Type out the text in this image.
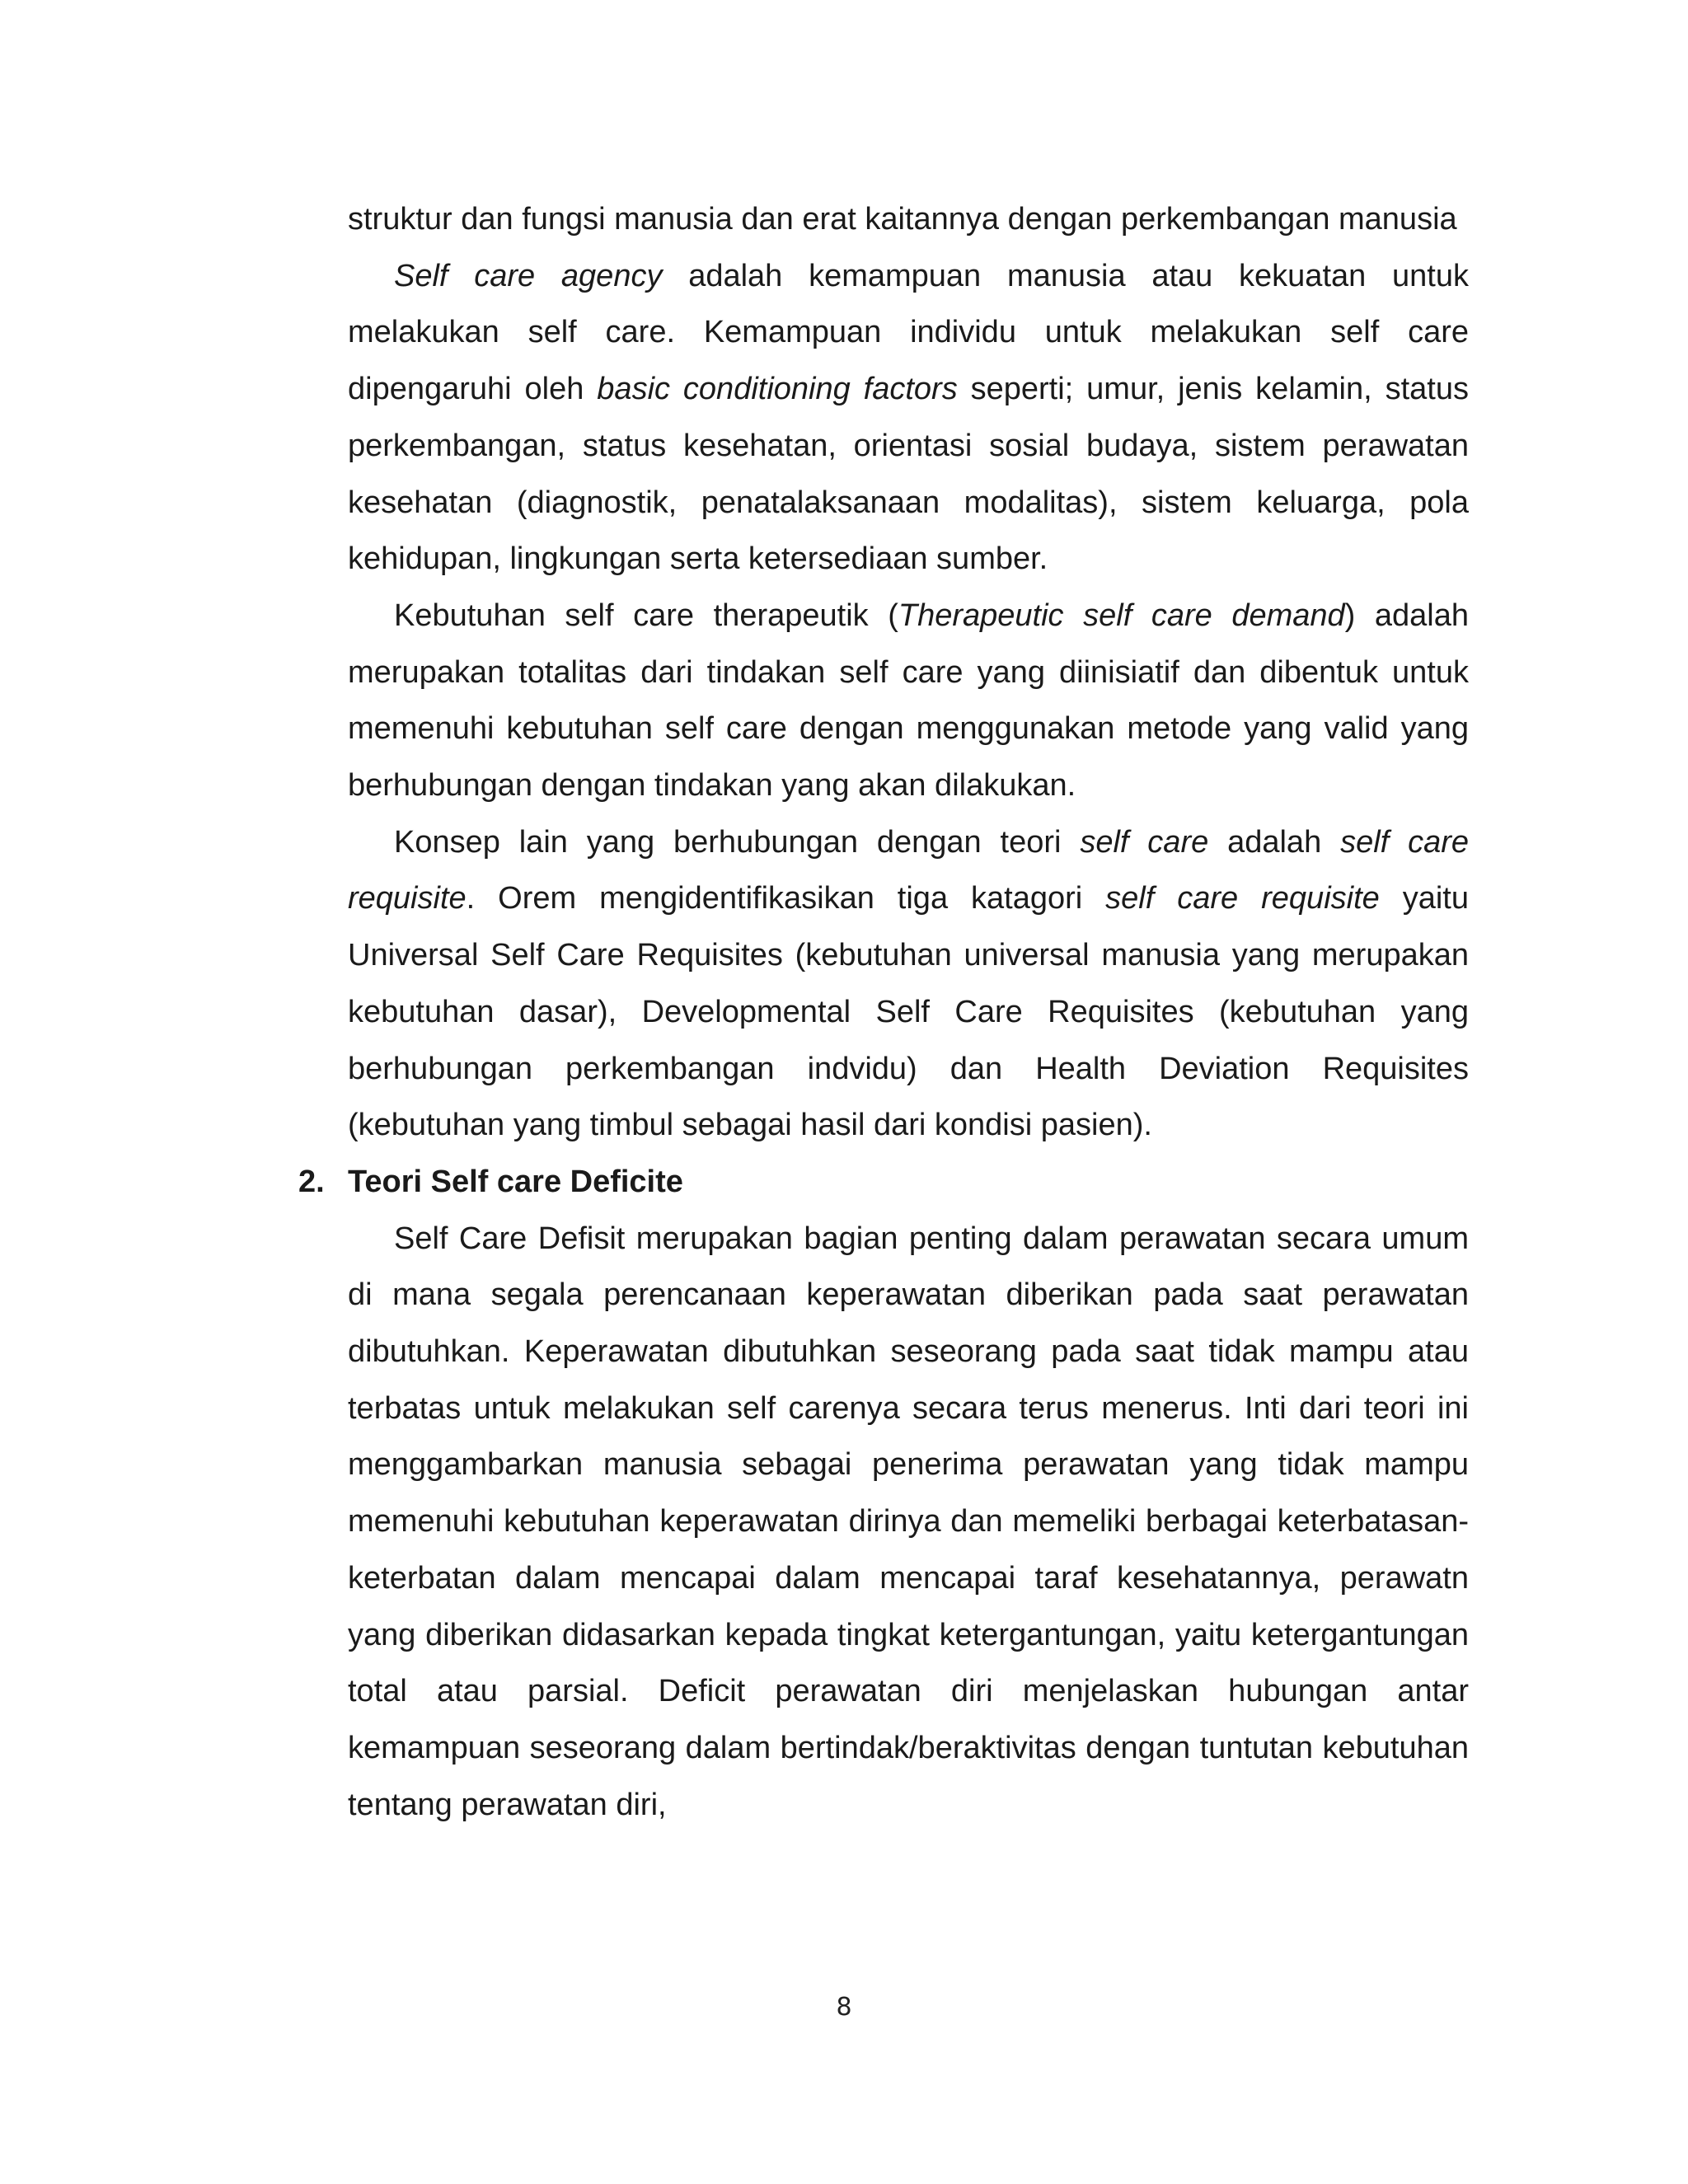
struktur dan fungsi manusia dan erat kaitannya dengan perkembangan manusia

Self care agency adalah kemampuan manusia atau kekuatan untuk melakukan self care. Kemampuan individu untuk melakukan self care dipengaruhi oleh basic conditioning factors seperti; umur, jenis kelamin, status perkembangan, status kesehatan, orientasi sosial budaya, sistem perawatan kesehatan (diagnostik, penatalaksanaan modalitas), sistem keluarga, pola kehidupan, lingkungan serta ketersediaan sumber.

Kebutuhan self care therapeutik (Therapeutic self care demand) adalah merupakan totalitas dari tindakan self care yang diinisiatif dan dibentuk untuk memenuhi kebutuhan self care dengan menggunakan metode yang valid yang berhubungan dengan tindakan yang akan dilakukan.

Konsep lain yang berhubungan dengan teori self care adalah self care requisite. Orem mengidentifikasikan tiga katagori self care requisite yaitu Universal Self Care Requisites (kebutuhan universal manusia yang merupakan kebutuhan dasar), Developmental Self Care Requisites (kebutuhan yang berhubungan perkembangan indvidu) dan Health Deviation Requisites (kebutuhan yang timbul sebagai hasil dari kondisi pasien).

2. Teori Self care Deficite

Self Care Defisit merupakan bagian penting dalam perawatan secara umum di mana segala perencanaan keperawatan diberikan pada saat perawatan dibutuhkan. Keperawatan dibutuhkan seseorang pada saat tidak mampu atau terbatas untuk melakukan self carenya secara terus menerus. Inti dari teori ini menggambarkan manusia sebagai penerima perawatan yang tidak mampu memenuhi kebutuhan keperawatan dirinya dan memeliki berbagai keterbatasan-keterbatan dalam mencapai dalam mencapai taraf kesehatannya, perawatn yang diberikan didasarkan kepada tingkat ketergantungan, yaitu ketergantungan total atau parsial. Deficit perawatan diri menjelaskan hubungan antar kemampuan seseorang dalam bertindak/beraktivitas dengan tuntutan kebutuhan tentang perawatan diri,

8
